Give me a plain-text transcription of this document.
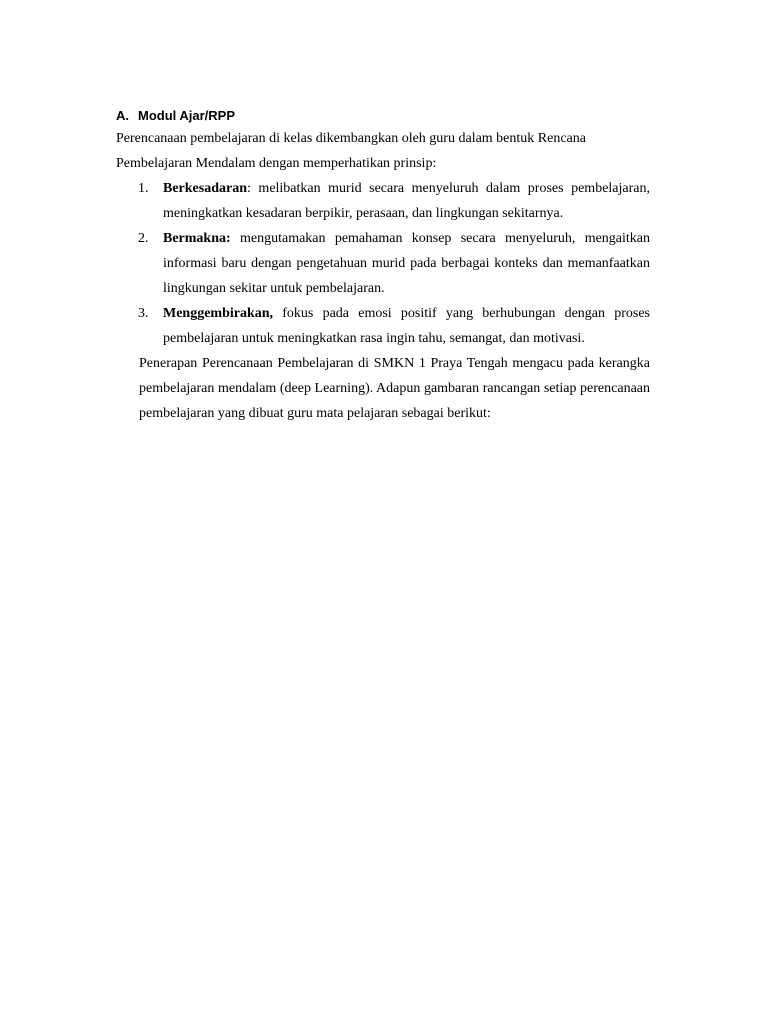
A. Modul Ajar/RPP

Perencanaan pembelajaran di kelas dikembangkan oleh guru dalam bentuk Rencana

Pembelajaran Mendalam dengan memperhatikan prinsip:

1.	Berkesadaran: melibatkan murid secara menyeluruh dalam proses pembelajaran, meningkatkan kesadaran berpikir, perasaan, dan lingkungan sekitarnya.
2.	Bermakna: mengutamakan pemahaman konsep secara menyeluruh, mengaitkan informasi baru dengan pengetahuan murid pada berbagai konteks dan memanfaatkan lingkungan sekitar untuk pembelajaran.
3.	Menggembirakan, fokus pada emosi positif yang berhubungan dengan proses pembelajaran untuk meningkatkan rasa ingin tahu, semangat, dan motivasi.

Penerapan Perencanaan Pembelajaran di SMKN 1 Praya Tengah mengacu pada kerangka pembelajaran mendalam (deep Learning). Adapun gambaran rancangan setiap perencanaan pembelajaran yang dibuat guru mata pelajaran sebagai berikut:
